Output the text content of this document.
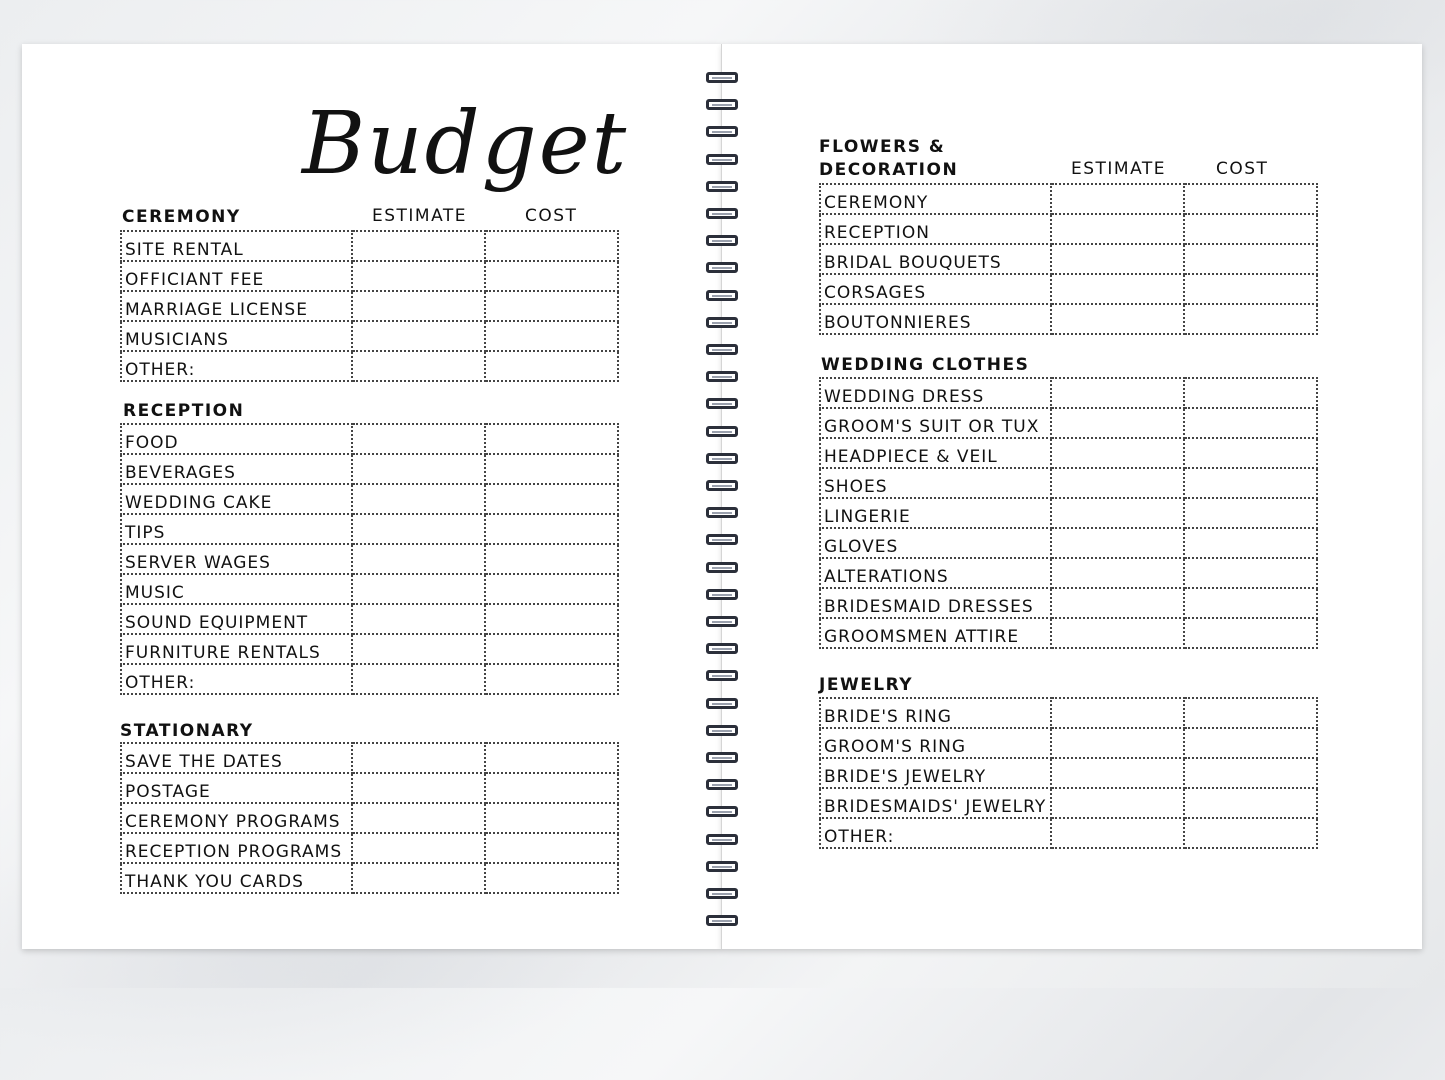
Budget
CEREMONY	ESTIMATE	COST
SITE RENTAL		
OFFICIANT FEE		
MARRIAGE LICENSE		
MUSICIANS		
OTHER:		
RECEPTION
FOOD		
BEVERAGES		
WEDDING CAKE		
TIPS		
SERVER WAGES		
MUSIC		
SOUND EQUIPMENT		
FURNITURE RENTALS		
OTHER:		
STATIONARY
SAVE THE DATES		
POSTAGE		
CEREMONY PROGRAMS		
RECEPTION PROGRAMS		
THANK YOU CARDS		
FLOWERS &
DECORATION	ESTIMATE	COST
CEREMONY		
RECEPTION		
BRIDAL BOUQUETS		
CORSAGES		
BOUTONNIERES		
WEDDING CLOTHES
WEDDING DRESS		
GROOM'S SUIT OR TUX		
HEADPIECE & VEIL		
SHOES		
LINGERIE		
GLOVES		
ALTERATIONS		
BRIDESMAID DRESSES		
GROOMSMEN ATTIRE		
JEWELRY
BRIDE'S RING		
GROOM'S RING		
BRIDE'S JEWELRY		
BRIDESMAIDS' JEWELRY		
OTHER:		
